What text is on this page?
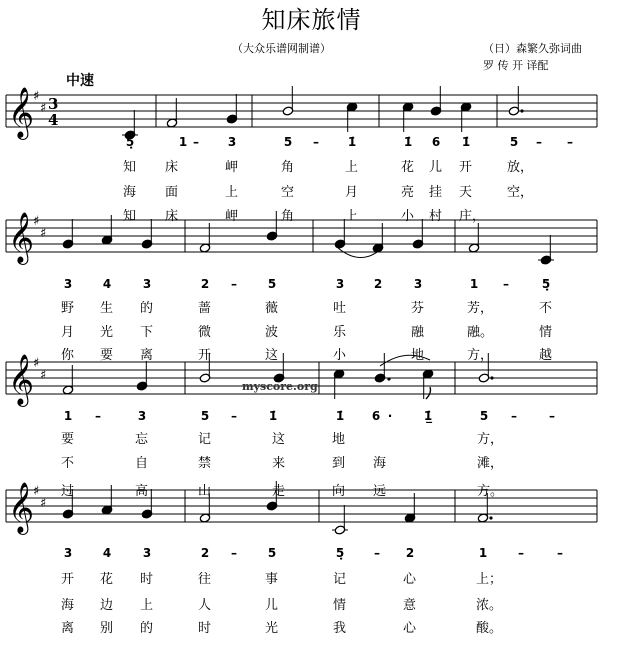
知床旅情
（大众乐谱网制谱）	（日）森繁久弥词曲
罗 传 开 译配
中速
𝄞
♯
♯ 3
4
𝄞
♯
♯
𝄞
♯
♯
𝄞
♯
♯
5̣	1 – 3	5 – 1̇	1̇ 6 1̇	5 – –
知 床	岬	角	上	花 儿 开	放，
海 面	上	空	月	亮 挂 天	空，
知 床	岬	角	上	小 村 庄，
3	4	3	2 –	5	3 2	3	1 –	5̣
野 生 的	蔷	薇	吐	芬	芳，	不
月 光 下	微	波	乐	融	融。	情
你 要 离	开	这	小	地	方，	越
1 –	3	5 –	1̇	1̇ 6 ·	1̲̇	5 –	–
要	忘	记	这	地	方，
不	自	禁	来	到 海	滩，
过	高	山	走	向 远	方。
3	4	3	2 –	5	5̣ – 2	1	–	–
开 花 时	往	事	记	心	上；
海 边 上	人	儿	情	意	浓。
离 别 的	时	光	我	心	酸。
myscore.org
